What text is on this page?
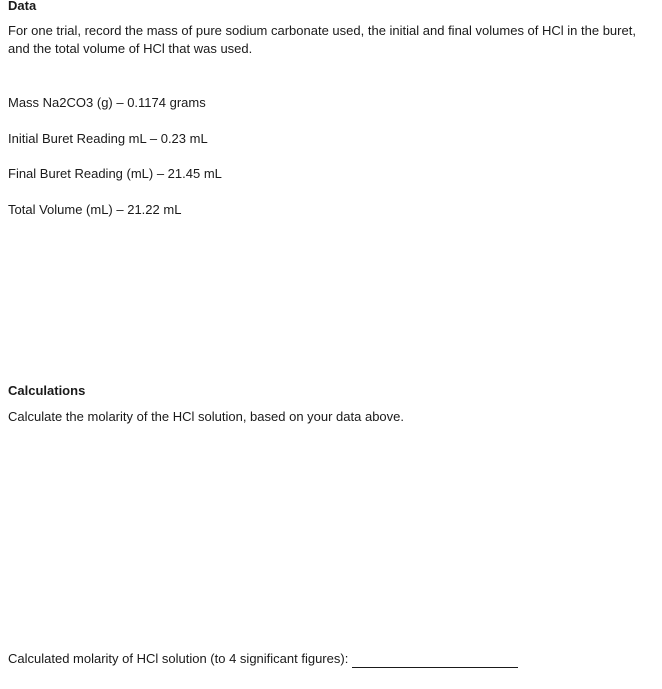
Data

For one trial, record the mass of pure sodium carbonate used, the initial and final volumes of HCl in the buret, and the total volume of HCl that was used.

Mass Na2CO3 (g) – 0.1174 grams

Initial Buret Reading mL – 0.23 mL

Final Buret Reading (mL) – 21.45 mL

Total Volume (mL) – 21.22 mL

Calculations

Calculate the molarity of the HCl solution, based on your data above.

Calculated molarity of HCl solution (to 4 significant figures):
